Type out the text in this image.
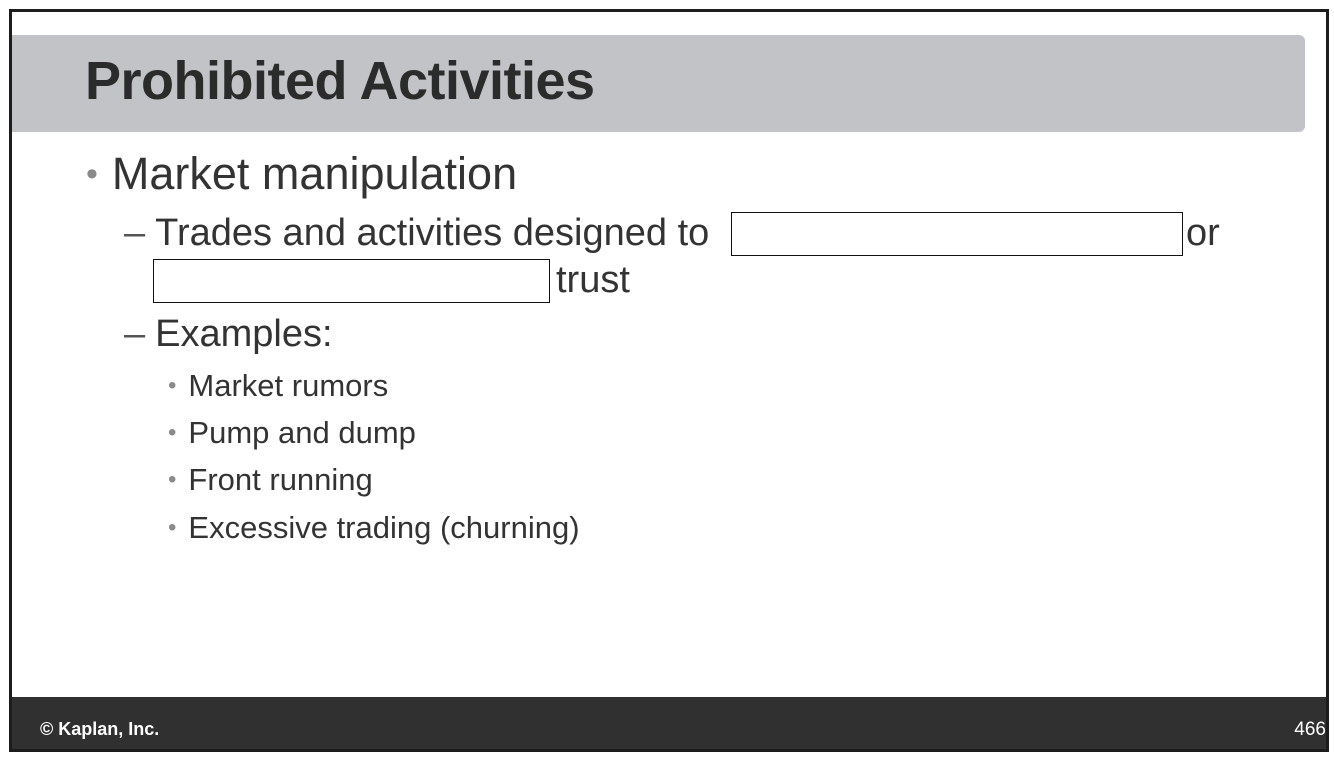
Prohibited Activities
• Market manipulation
– Trades and activities designed to	or
trust
– Examples:
• Market rumors
• Pump and dump
• Front running
• Excessive trading (churning)
© Kaplan, Inc.	466
